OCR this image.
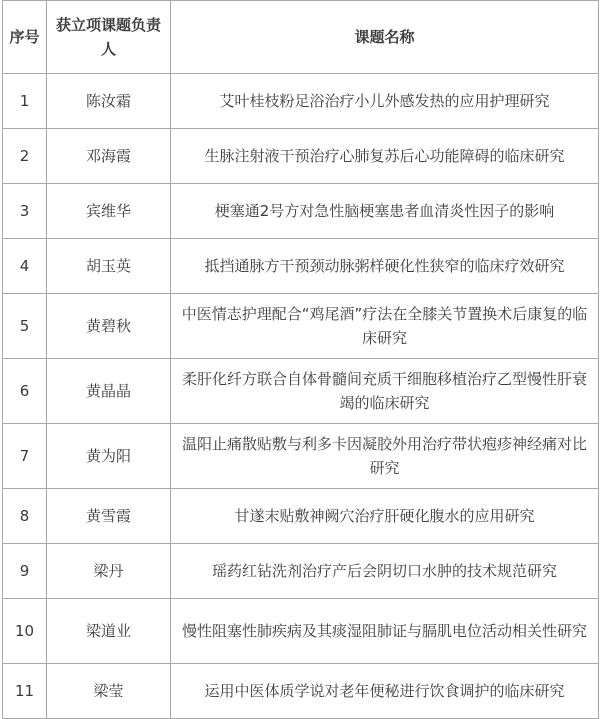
序号	获立项课题负责人	课题名称
1	陈汝霜	艾叶桂枝粉足浴治疗小儿外感发热的应用护理研究
2	邓海霞	生脉注射液干预治疗心肺复苏后心功能障碍的临床研究
3	宾维华	梗塞通2号方对急性脑梗塞患者血清炎性因子的影响
4	胡玉英	抵挡通脉方干预颈动脉粥样硬化性狭窄的临床疗效研究
5	黄碧秋	中医情志护理配合“鸡尾酒”疗法在全膝关节置换术后康复的临床研究
6	黄晶晶	柔肝化纤方联合自体骨髓间充质干细胞移植治疗乙型慢性肝衰竭的临床研究
7	黄为阳	温阳止痛散贴敷与利多卡因凝胶外用治疗带状疱疹神经痛对比研究
8	黄雪霞	甘遂末贴敷神阙穴治疗肝硬化腹水的应用研究
9	梁丹	瑶药红钻洗剂治疗产后会阴切口水肿的技术规范研究
10	梁道业	慢性阻塞性肺疾病及其痰湿阻肺证与膈肌电位活动相关性研究
11	梁莹	运用中医体质学说对老年便秘进行饮食调护的临床研究
